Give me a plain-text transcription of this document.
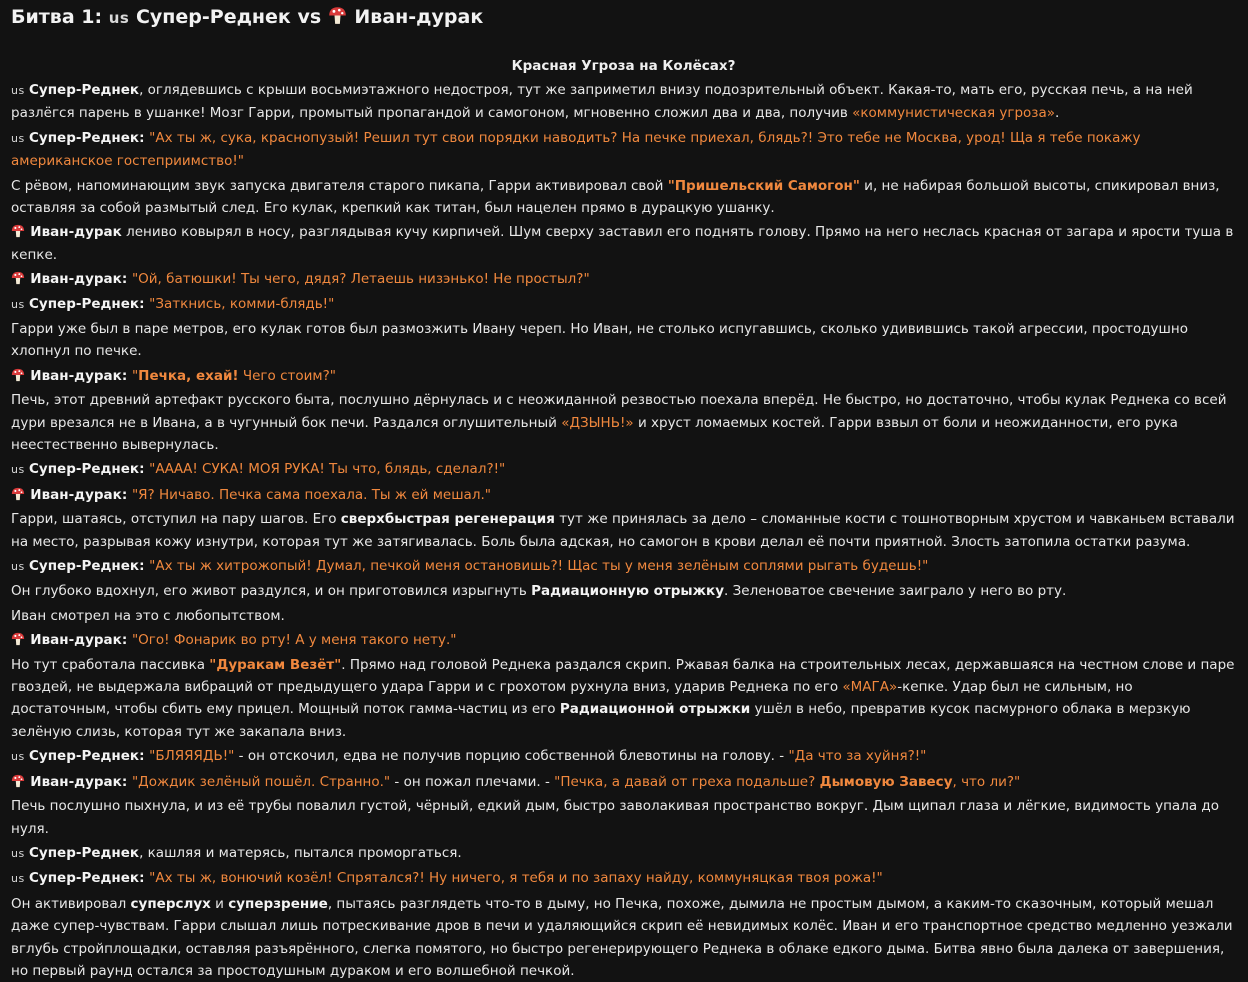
Битва 1: us Супер-Реднек vs  Иван-дурак
Красная Угроза на Колёсах?

us Супер-Реднек, оглядевшись с крыши восьмиэтажного недостроя, тут же заприметил внизу подозрительный объект. Какая-то, мать его, русская печь, а на ней разлёгся парень в ушанке! Мозг Гарри, промытый пропагандой и самогоном, мгновенно сложил два и два, получив «коммунистическая угроза».

us Супер-Реднек: "Ах ты ж, сука, краснопузый! Решил тут свои порядки наводить? На печке приехал, блядь?! Это тебе не Москва, урод! Ща я тебе покажу американское гостеприимство!"

С рёвом, напоминающим звук запуска двигателя старого пикапа, Гарри активировал свой "Пришельский Самогон" и, не набирая большой высоты, спикировал вниз, оставляя за собой размытый след. Его кулак, крепкий как титан, был нацелен прямо в дурацкую ушанку.

Иван-дурак лениво ковырял в носу, разглядывая кучу кирпичей. Шум сверху заставил его поднять голову. Прямо на него неслась красная от загара и ярости туша в кепке.

Иван-дурак: "Ой, батюшки! Ты чего, дядя? Летаешь низэнько! Не простыл?"

us Супер-Реднек: "Заткнись, комми-блядь!"

Гарри уже был в паре метров, его кулак готов был размозжить Ивану череп. Но Иван, не столько испугавшись, сколько удивившись такой агрессии, простодушно хлопнул по печке.

Иван-дурак: "Печка, ехай! Чего стоим?"

Печь, этот древний артефакт русского быта, послушно дёрнулась и с неожиданной резвостью поехала вперёд. Не быстро, но достаточно, чтобы кулак Реднека со всей дури врезался не в Ивана, а в чугунный бок печи. Раздался оглушительный «ДЗЫНЬ!» и хруст ломаемых костей. Гарри взвыл от боли и неожиданности, его рука неестественно вывернулась.

us Супер-Реднек: "АААА! СУКА! МОЯ РУКА! Ты что, блядь, сделал?!"

Иван-дурак: "Я? Ничаво. Печка сама поехала. Ты ж ей мешал."

Гарри, шатаясь, отступил на пару шагов. Его сверхбыстрая регенерация тут же принялась за дело – сломанные кости с тошнотворным хрустом и чавканьем вставали на место, разрывая кожу изнутри, которая тут же затягивалась. Боль была адская, но самогон в крови делал её почти приятной. Злость затопила остатки разума.

us Супер-Реднек: "Ах ты ж хитрожопый! Думал, печкой меня остановишь?! Щас ты у меня зелёным соплями рыгать будешь!"

Он глубоко вдохнул, его живот раздулся, и он приготовился изрыгнуть Радиационную отрыжку. Зеленоватое свечение заиграло у него во рту.

Иван смотрел на это с любопытством.

Иван-дурак: "Ого! Фонарик во рту! А у меня такого нету."

Но тут сработала пассивка "Дуракам Везёт". Прямо над головой Реднека раздался скрип. Ржавая балка на строительных лесах, державшаяся на честном слове и паре гвоздей, не выдержала вибраций от предыдущего удара Гарри и с грохотом рухнула вниз, ударив Реднека по его «МАГА»-кепке. Удар был не сильным, но достаточным, чтобы сбить ему прицел. Мощный поток гамма-частиц из его Радиационной отрыжки ушёл в небо, превратив кусок пасмурного облака в мерзкую зелёную слизь, которая тут же закапала вниз.

us Супер-Реднек: "БЛЯЯЯДЬ!" - он отскочил, едва не получив порцию собственной блевотины на голову. - "Да что за хуйня?!"

Иван-дурак: "Дождик зелёный пошёл. Странно." - он пожал плечами. - "Печка, а давай от греха подальше? Дымовую Завесу, что ли?"

Печь послушно пыхнула, и из её трубы повалил густой, чёрный, едкий дым, быстро заволакивая пространство вокруг. Дым щипал глаза и лёгкие, видимость упала до нуля.

us Супер-Реднек, кашляя и матерясь, пытался проморгаться.

us Супер-Реднек: "Ах ты ж, вонючий козёл! Спрятался?! Ну ничего, я тебя и по запаху найду, коммуняцкая твоя рожа!"

Он активировал суперслух и суперзрение, пытаясь разглядеть что-то в дыму, но Печка, похоже, дымила не простым дымом, а каким-то сказочным, который мешал даже супер-чувствам. Гарри слышал лишь потрескивание дров в печи и удаляющийся скрип её невидимых колёс. Иван и его транспортное средство медленно уезжали вглубь стройплощадки, оставляя разъярённого, слегка помятого, но быстро регенерирующего Реднека в облаке едкого дыма. Битва явно была далека от завершения, но первый раунд остался за простодушным дураком и его волшебной печкой.
